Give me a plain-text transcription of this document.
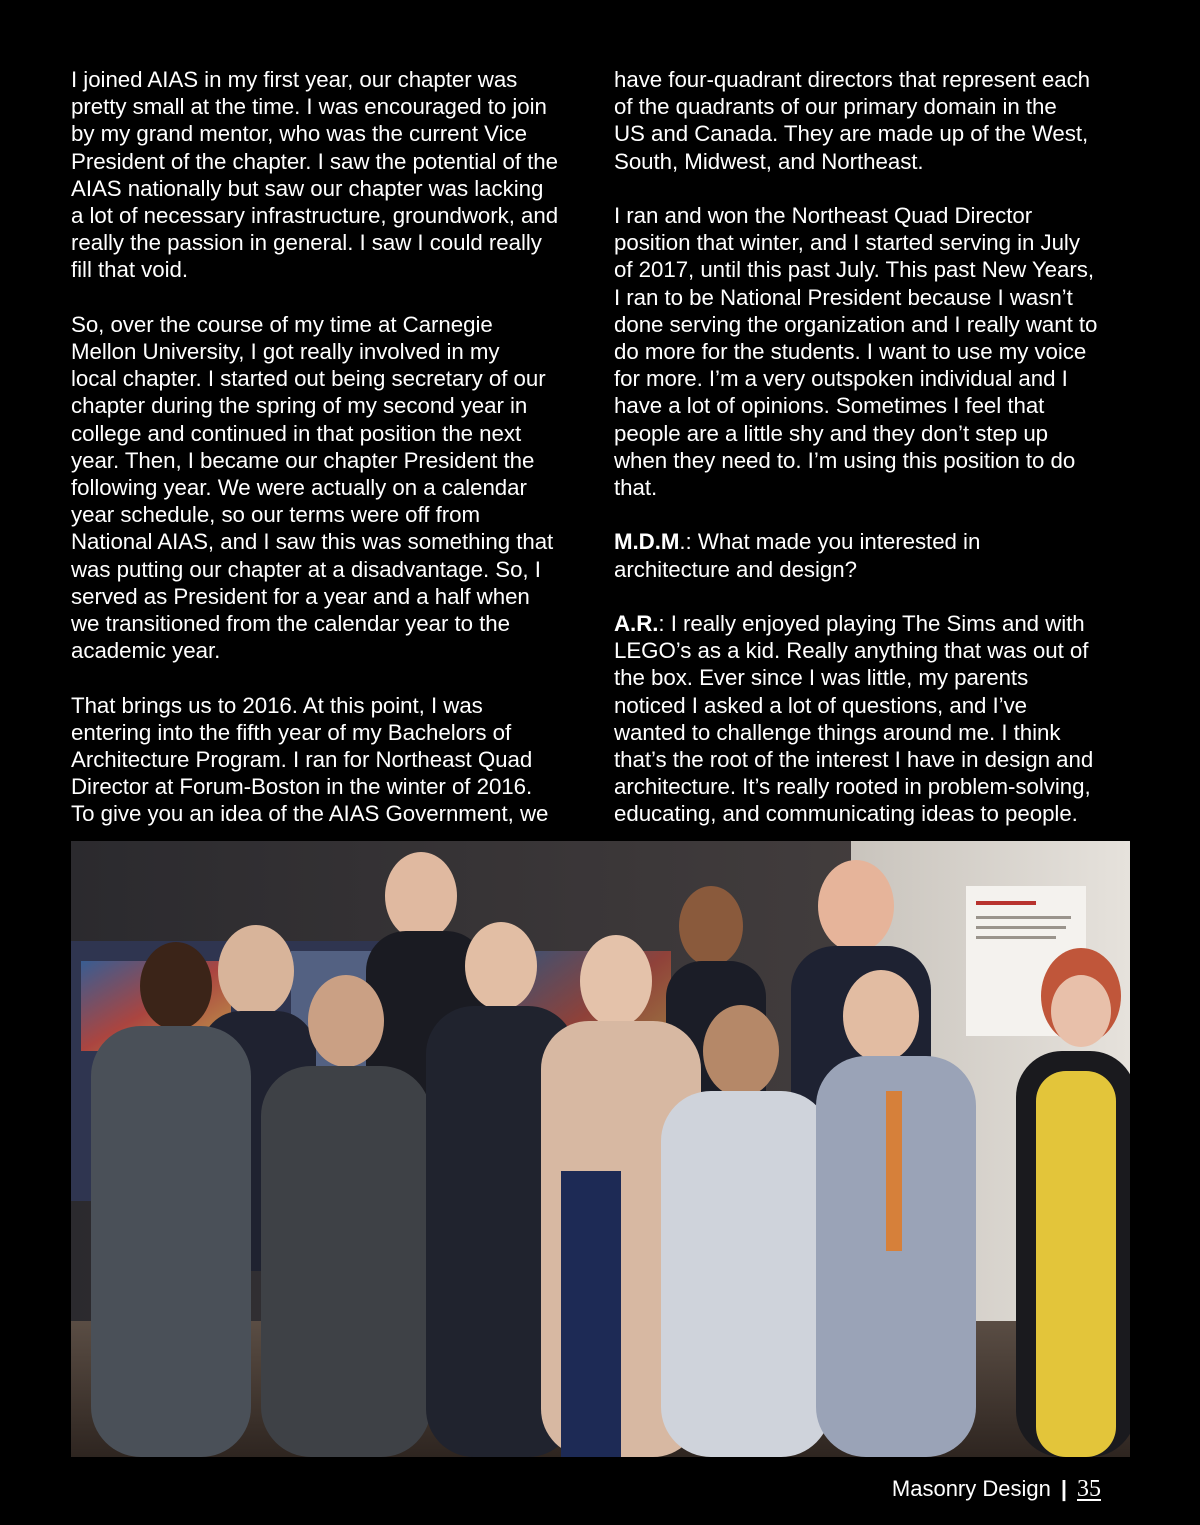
I joined AIAS in my first year, our chapter was
pretty small at the time. I was encouraged to join
by my grand mentor, who was the current Vice
President of the chapter. I saw the potential of the
AIAS nationally but saw our chapter was lacking
a lot of necessary infrastructure, groundwork, and
really the passion in general. I saw I could really
fill that void.

So, over the course of my time at Carnegie
Mellon University, I got really involved in my
local chapter. I started out being secretary of our
chapter during the spring of my second year in
college and continued in that position the next
year. Then, I became our chapter President the
following year. We were actually on a calendar
year schedule, so our terms were off from
National AIAS, and I saw this was something that
was putting our chapter at a disadvantage. So, I
served as President for a year and a half when
we transitioned from the calendar year to the
academic year.

That brings us to 2016. At this point, I was
entering into the fifth year of my Bachelors of
Architecture Program. I ran for Northeast Quad
Director at Forum-Boston in the winter of 2016.
To give you an idea of the AIAS Government, we

have four-quadrant directors that represent each
of the quadrants of our primary domain in the
US and Canada. They are made up of the West,
South, Midwest, and Northeast.

I ran and won the Northeast Quad Director
position that winter, and I started serving in July
of 2017, until this past July. This past New Years,
I ran to be National President because I wasn’t
done serving the organization and I really want to
do more for the students. I want to use my voice
for more. I’m a very outspoken individual and I
have a lot of opinions. Sometimes I feel that
people are a little shy and they don’t step up
when they need to. I’m using this position to do
that.

M.D.M.: What made you interested in
architecture and design?

A.R.: I really enjoyed playing The Sims and with
LEGO’s as a kid. Really anything that was out of
the box. Ever since I was little, my parents
noticed I asked a lot of questions, and I’ve
wanted to challenge things around me. I think
that’s the root of the interest I have in design and
architecture. It’s really rooted in problem-solving,
educating, and communicating ideas to people.

Masonry Design | 35
